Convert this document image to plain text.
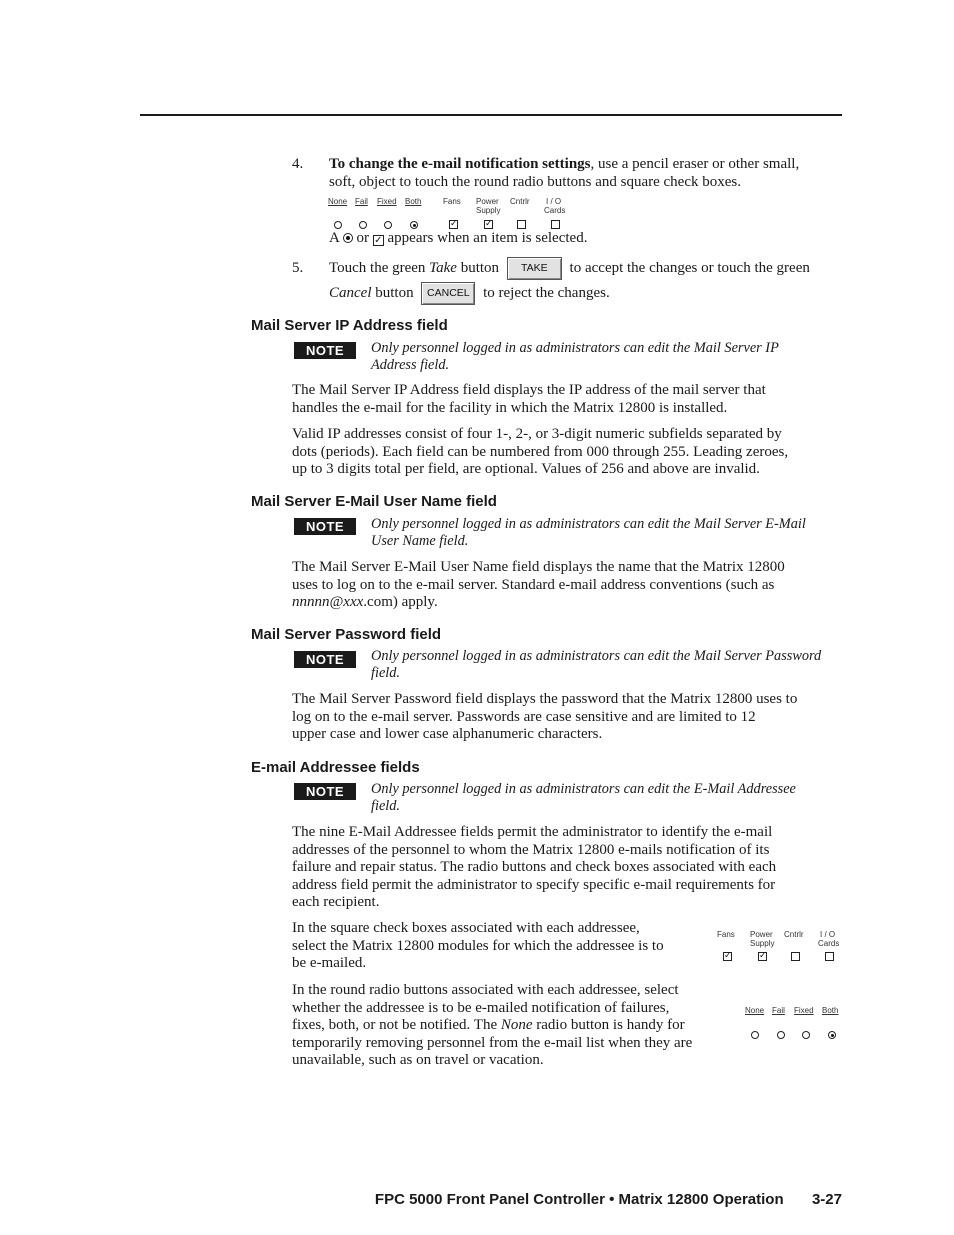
4. To change the e-mail notification settings, use a pencil eraser or other small,
soft, object to touch the round radio buttons and square check boxes.
None Fail Fixed Both	Fans Power
Supply
Cntrlr I / O
Cards
✓	✓
A or ✓ appears when an item is selected.
5. Touch the green Take button TAKE to accept the changes or touch the green
Cancel button CANCEL to reject the changes.
Mail Server IP Address field
NOTE	Only personnel logged in as administrators can edit the Mail Server IP
Address field.
The Mail Server IP Address field displays the IP address of the mail server that
handles the e-mail for the facility in which the Matrix 12800 is installed.
Valid IP addresses consist of four 1-, 2-, or 3-digit numeric subfields separated by
dots (periods). Each field can be numbered from 000 through 255. Leading zeroes,
up to 3 digits total per field, are optional. Values of 256 and above are invalid.
Mail Server E-Mail User Name field
NOTE	Only personnel logged in as administrators can edit the Mail Server E-Mail
User Name field.
The Mail Server E-Mail User Name field displays the name that the Matrix 12800
uses to log on to the e-mail server. Standard e-mail address conventions (such as
nnnnn@xxx.com) apply.
Mail Server Password field
NOTE	Only personnel logged in as administrators can edit the Mail Server Password
field.
The Mail Server Password field displays the password that the Matrix 12800 uses to
log on to the e-mail server. Passwords are case sensitive and are limited to 12
upper case and lower case alphanumeric characters.
E-mail Addressee fields
NOTE	Only personnel logged in as administrators can edit the E-Mail Addressee
field.
The nine E-Mail Addressee fields permit the administrator to identify the e-mail
addresses of the personnel to whom the Matrix 12800 e-mails notification of its
failure and repair status. The radio buttons and check boxes associated with each
address field permit the administrator to specify specific e-mail requirements for
each recipient.
In the square check boxes associated with each addressee,
select the Matrix 12800 modules for which the addressee is to
be e-mailed.
Fans Power
Supply
Cntrlr I / O
Cards
✓	✓
In the round radio buttons associated with each addressee, select
whether the addressee is to be e-mailed notification of failures,
fixes, both, or not be notified. The None radio button is handy for
temporarily removing personnel from the e-mail list when they are
unavailable, such as on travel or vacation.
None Fail Fixed Both
FPC 5000 Front Panel Controller • Matrix 12800 Operation 3-27
